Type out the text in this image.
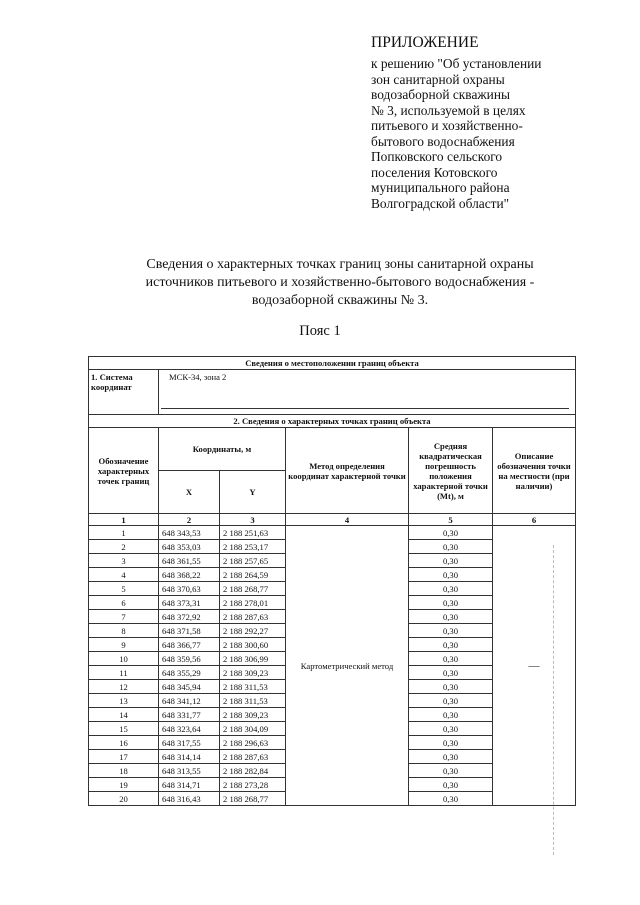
ПРИЛОЖЕНИЕ
к решению "Об установлении
зон санитарной охраны
водозаборной скважины
№ 3, используемой в целях
питьевого и хозяйственно-
бытового водоснабжения
Попковского сельского
поселения Котовского
муниципального района
Волгоградской области"
Сведения о характерных точках границ зоны санитарной охраны
источников питьевого и хозяйственно-бытового водоснабжения -
водозаборной скважины № 3.
Пояс 1
Сведения о местоположении границ объекта					
1. Система координат	МСК-34, зона 2				

2. Сведения о характерных точках границ объекта					
Обозначение характерных точек границ	Координаты, м		Метод определения координат характерной точки	Средняя квадратическая погрешность положения характерной точки (Mt), м	Описание обозначения точки на местности (при наличии)
	X	Y			
1	2	3	4	5	6
1	648 343,53	2 188 251,63	Картометрический метод	0,30	—
2	648 353,03	2 188 253,17		0,30	
3	648 361,55	2 188 257,65		0,30	
4	648 368,22	2 188 264,59		0,30	
5	648 370,63	2 188 268,77		0,30	
6	648 373,31	2 188 278,01		0,30	
7	648 372,92	2 188 287,63		0,30	
8	648 371,58	2 188 292,27		0,30	
9	648 366,77	2 188 300,60		0,30	
10	648 359,56	2 188 306,99		0,30	
11	648 355,29	2 188 309,23		0,30	
12	648 345,94	2 188 311,53		0,30	
13	648 341,12	2 188 311,53		0,30	
14	648 331,77	2 188 309,23		0,30	
15	648 323,64	2 188 304,09		0,30	
16	648 317,55	2 188 296,63		0,30	
17	648 314,14	2 188 287,63		0,30	
18	648 313,55	2 188 282,84		0,30	
19	648 314,71	2 188 273,28		0,30	
20	648 316,43	2 188 268,77		0,30	
